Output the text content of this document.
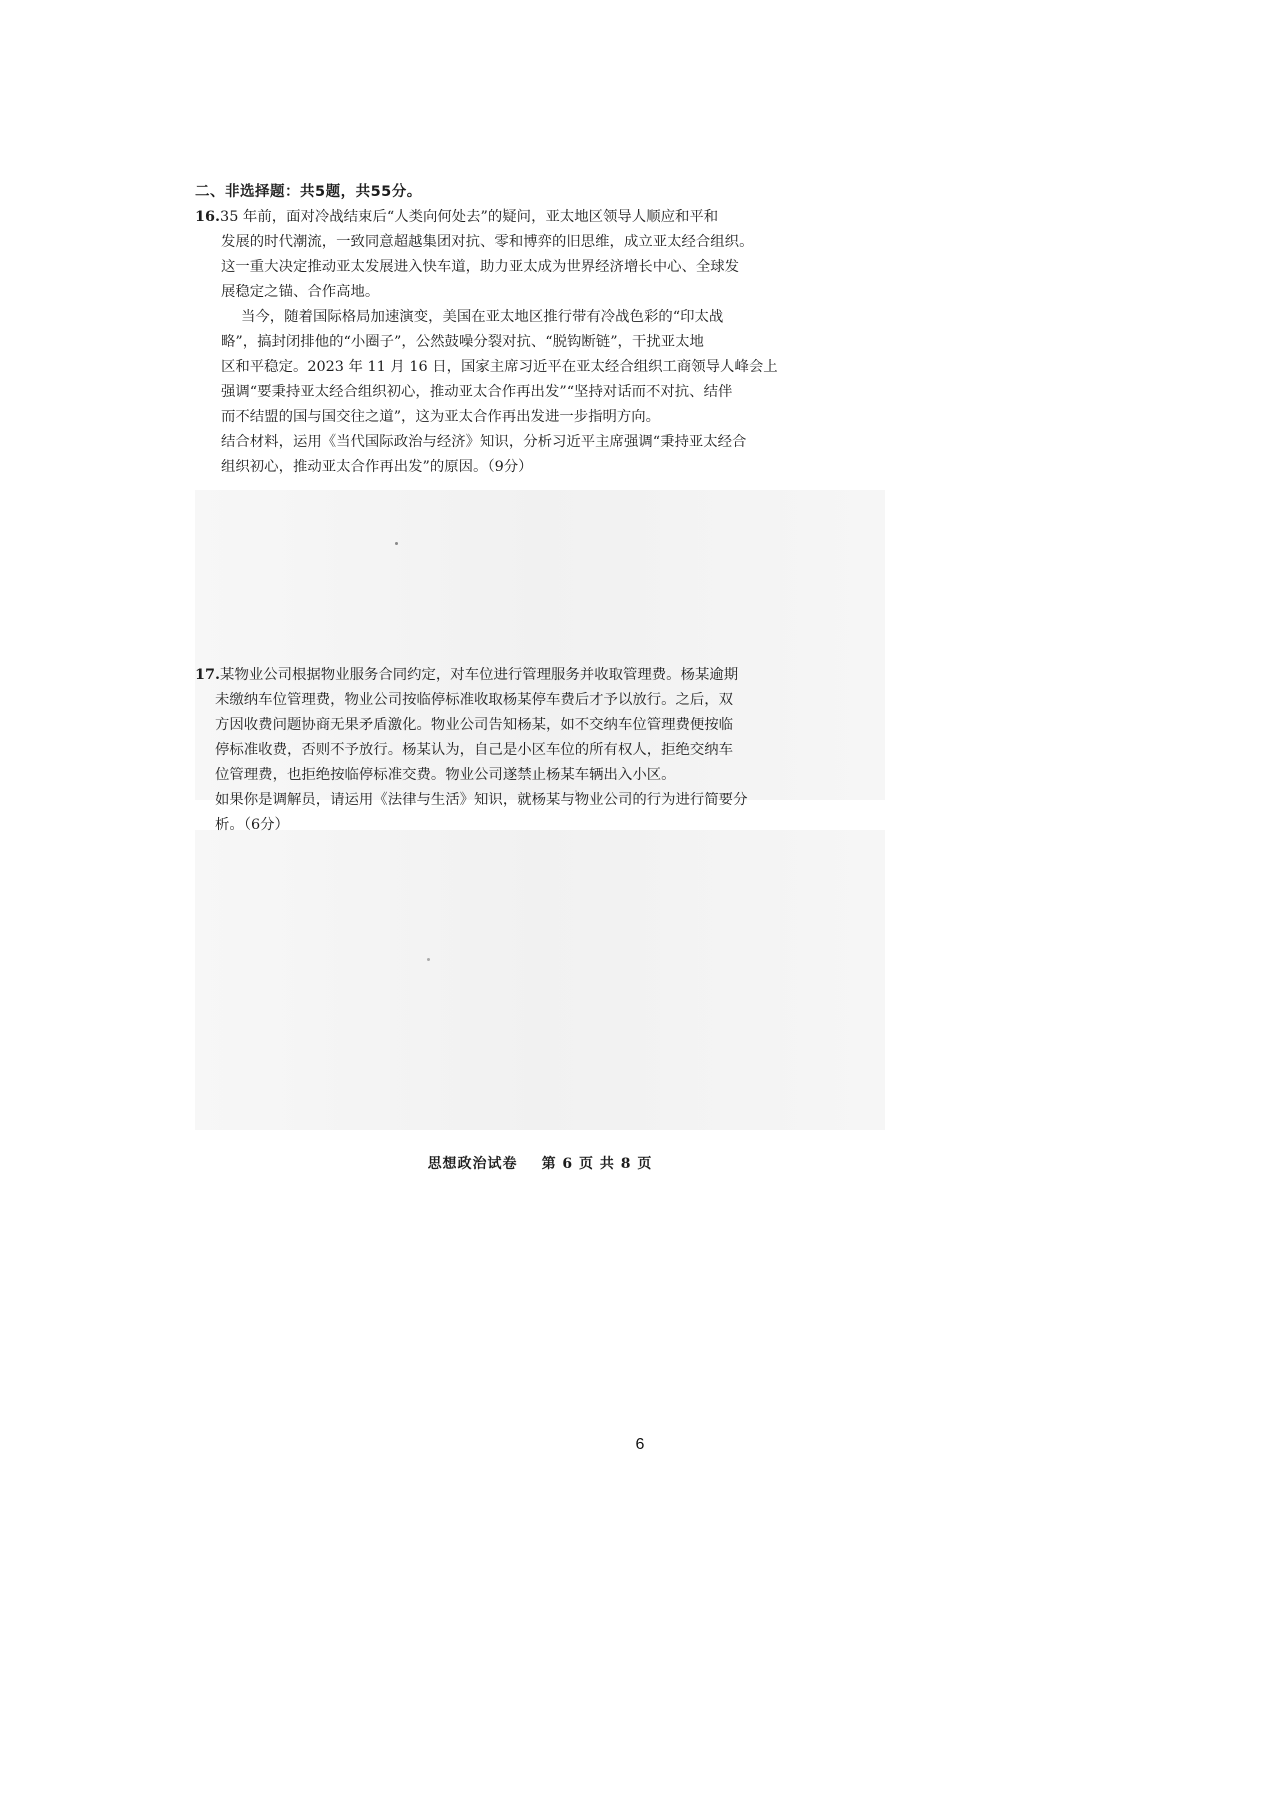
二、非选择题：共5题，共55分。
16.35 年前，面对冷战结束后“人类向何处去”的疑问，亚太地区领导人顺应和平和
发展的时代潮流，一致同意超越集团对抗、零和博弈的旧思维，成立亚太经合组织。
这一重大决定推动亚太发展进入快车道，助力亚太成为世界经济增长中心、全球发
展稳定之锚、合作高地。
当今，随着国际格局加速演变，美国在亚太地区推行带有冷战色彩的“印太战
略”，搞封闭排他的“小圈子”，公然鼓噪分裂对抗、“脱钩断链”，干扰亚太地
区和平稳定。2023 年 11 月 16 日，国家主席习近平在亚太经合组织工商领导人峰会上
强调“要秉持亚太经合组织初心，推动亚太合作再出发”“坚持对话而不对抗、结伴
而不结盟的国与国交往之道”，这为亚太合作再出发进一步指明方向。
结合材料，运用《当代国际政治与经济》知识，分析习近平主席强调“秉持亚太经合
组织初心，推动亚太合作再出发”的原因。（9分）
17.某物业公司根据物业服务合同约定，对车位进行管理服务并收取管理费。杨某逾期
未缴纳车位管理费，物业公司按临停标准收取杨某停车费后才予以放行。之后，双
方因收费问题协商无果矛盾激化。物业公司告知杨某，如不交纳车位管理费便按临
停标准收费，否则不予放行。杨某认为，自己是小区车位的所有权人，拒绝交纳车
位管理费，也拒绝按临停标准交费。物业公司遂禁止杨某车辆出入小区。
如果你是调解员，请运用《法律与生活》知识，就杨某与物业公司的行为进行简要分
析。（6分）
思想政治试卷 第 6 页 共 8 页
6
